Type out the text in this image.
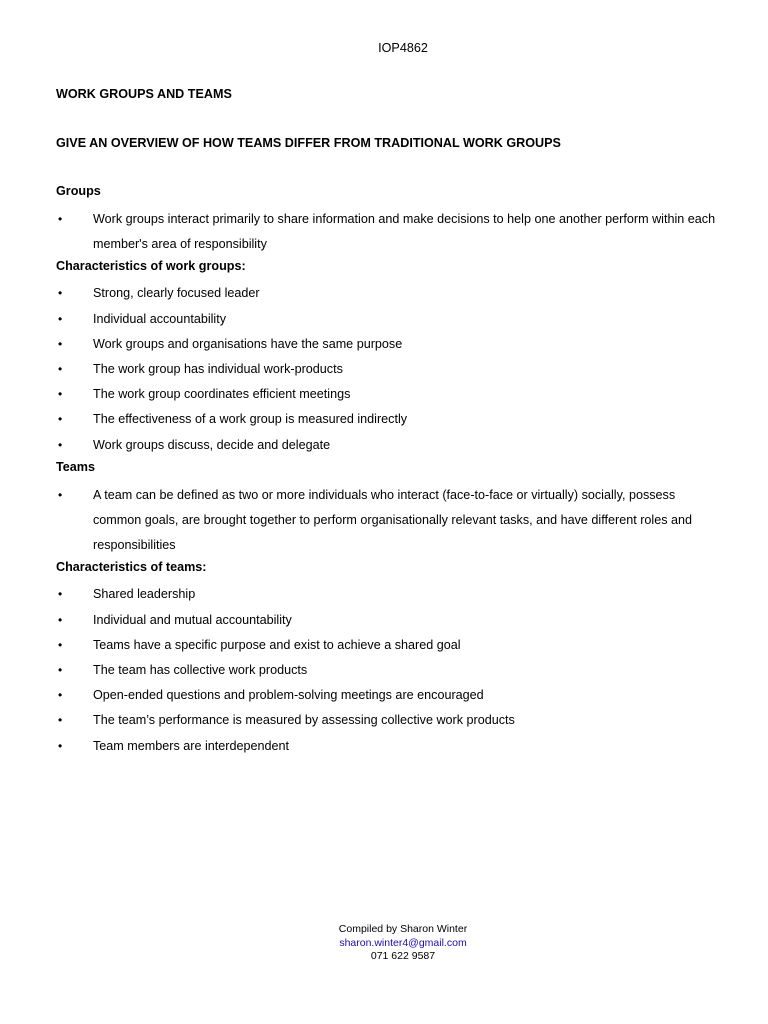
IOP4862

WORK GROUPS AND TEAMS

GIVE AN OVERVIEW OF HOW TEAMS DIFFER FROM TRADITIONAL WORK GROUPS

Groups

• Work groups interact primarily to share information and make decisions to help one another perform within each member's area of responsibility

Characteristics of work groups:

• Strong, clearly focused leader
• Individual accountability
• Work groups and organisations have the same purpose
• The work group has individual work-products
• The work group coordinates efficient meetings
• The effectiveness of a work group is measured indirectly
• Work groups discuss, decide and delegate

Teams

• A team can be defined as two or more individuals who interact (face-to-face or virtually) socially, possess common goals, are brought together to perform organisationally relevant tasks, and have different roles and responsibilities

Characteristics of teams:

• Shared leadership
• Individual and mutual accountability
• Teams have a specific purpose and exist to achieve a shared goal
• The team has collective work products
• Open-ended questions and problem-solving meetings are encouraged
• The team’s performance is measured by assessing collective work products
• Team members are interdependent
Compiled by Sharon Winter
sharon.winter4@gmail.com
071 622 9587
